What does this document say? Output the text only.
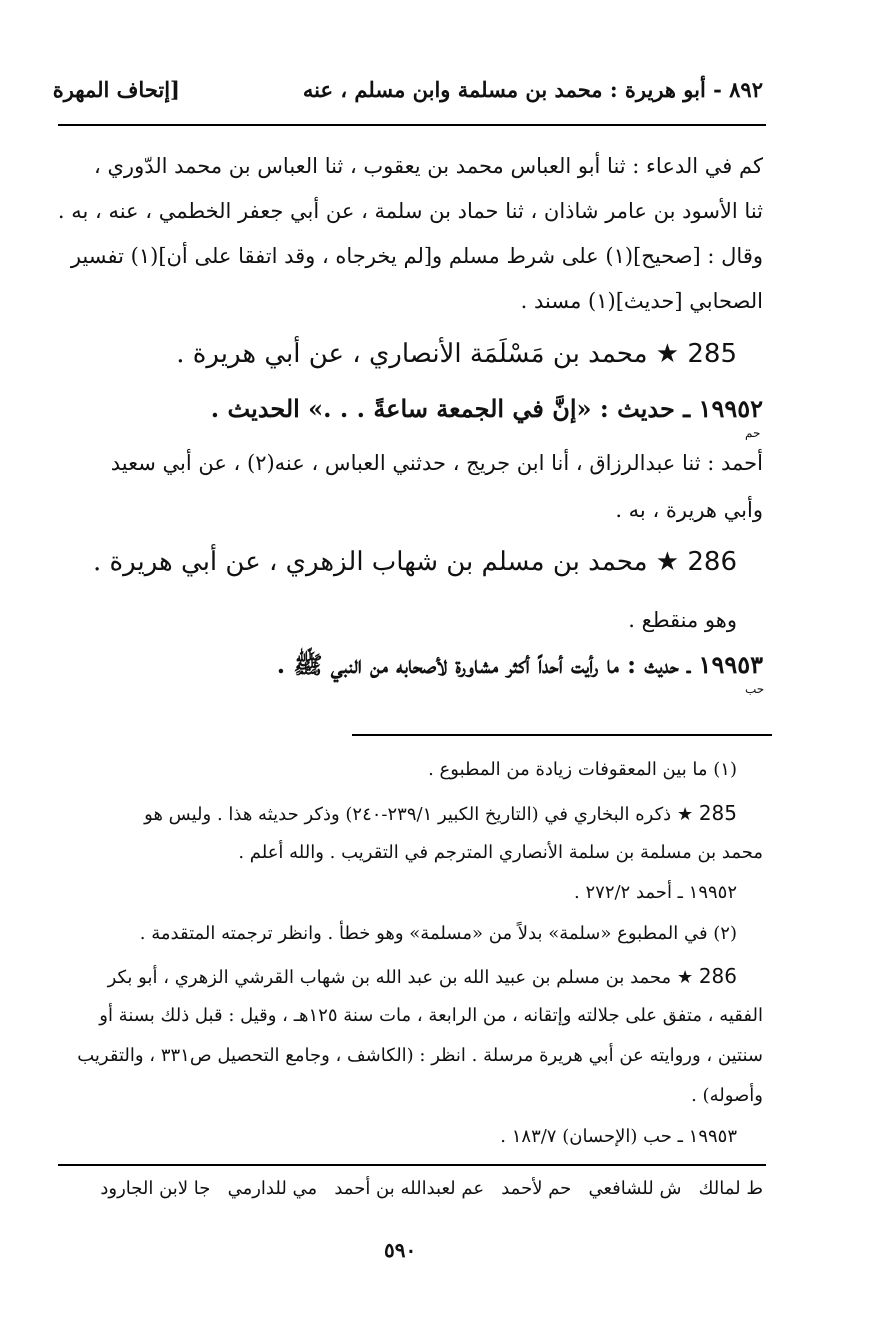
٨٩٢ - أبو هريرة : محمد بن مسلمة وابن مسلم ، عنه
[إتحاف المهرة
كم في الدعاء : ثنا أبو العباس محمد بن يعقوب ، ثنا العباس بن محمد الدّوري ،
ثنا الأسود بن عامر شاذان ، ثنا حماد بن سلمة ، عن أبي جعفر الخطمي ، عنه ، به .
وقال : [صحيح](١) على شرط مسلم و[لم يخرجاه ، وقد اتفقا على أن](١) تفسير
الصحابي [حديث](١) مسند .
285 ★ محمد بن مَسْلَمَة الأنصاري ، عن أبي هريرة .
١٩٩٥٢ ـ حديث : «إنَّ في الجمعة ساعةً . . .» الحديث .
حم
أحمد : ثنا عبدالرزاق ، أنا ابن جريج ، حدثني العباس ، عنه(٢) ، عن أبي سعيد
وأبي هريرة ، به .
286 ★ محمد بن مسلم بن شهاب الزهري ، عن أبي هريرة .
وهو منقطع .
١٩٩٥٣ ـ حديث : ما رأيت أحداً أكثر مشاورة لأصحابه من النبي ﷺ .
حب
(١) ما بين المعقوفات زيادة من المطبوع .
285 ★ ذكره البخاري في (التاريخ الكبير ٢٣٩/١-٢٤٠) وذكر حديثه هذا . وليس هو
محمد بن مسلمة بن سلمة الأنصاري المترجم في التقريب . والله أعلم .
١٩٩٥٢ ـ أحمد ٢٧٢/٢ .
(٢) في المطبوع «سلمة» بدلاً من «مسلمة» وهو خطأ . وانظر ترجمته المتقدمة .
286 ★ محمد بن مسلم بن عبيد الله بن عبد الله بن شهاب القرشي الزهري ، أبو بكر
الفقيه ، متفق على جلالته وإتقانه ، من الرابعة ، مات سنة ١٢٥هـ ، وقيل : قبل ذلك بسنة أو
سنتين ، وروايته عن أبي هريرة مرسلة . انظر : (الكاشف ، وجامع التحصيل ص٣٣١ ، والتقريب
وأصوله) .
١٩٩٥٣ ـ حب (الإحسان) ١٨٣/٧ .
ط لمالك   ش للشافعي   حم لأحمد   عم لعبدالله بن أحمد   مي للدارمي   جا لابن الجارود
٥٩٠
